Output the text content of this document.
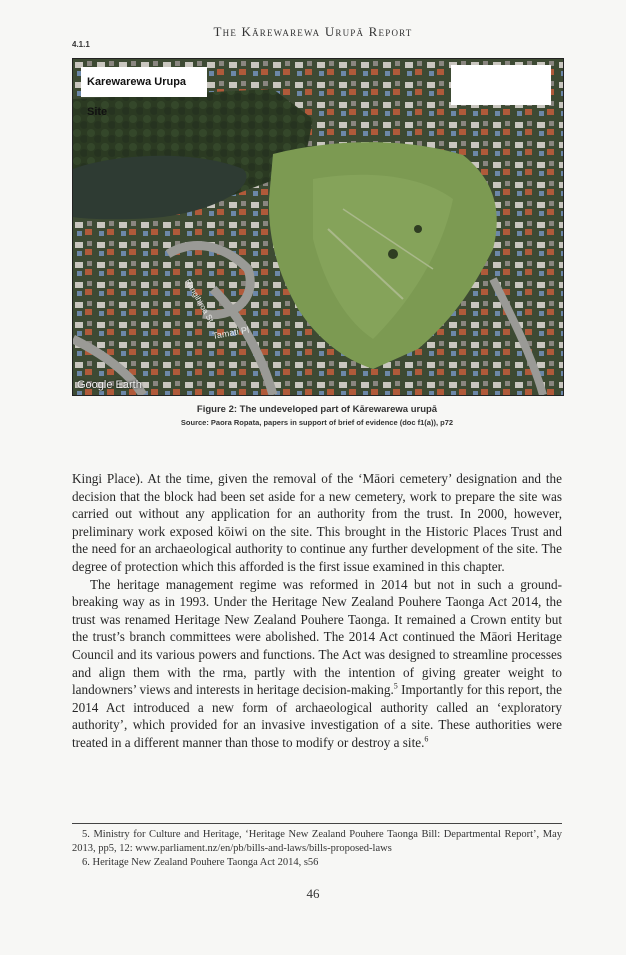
The Kārewarewa Urupā Report
4.1.1
Tamati Pl
Rangihiroa St
Karewarewa Urupa Site
Google Earth
Figure 2: The undeveloped part of Kārewarewa urupā
Source: Paora Ropata, papers in support of brief of evidence (doc f1(a)), p72

Kingi Place). At the time, given the removal of the ‘Māori cemetery’ designation and the decision that the block had been set aside for a new cemetery, work to prepare the site was carried out without any application for an authority from the trust. In 2000, however, preliminary work exposed kōiwi on the site. This brought in the Historic Places Trust and the need for an archaeological authority to continue any further development of the site. The degree of protection which this afforded is the first issue examined in this chapter.

The heritage management regime was reformed in 2014 but not in such a ground-breaking way as in 1993. Under the Heritage New Zealand Pouhere Taonga Act 2014, the trust was renamed Heritage New Zealand Pouhere Taonga. It remained a Crown entity but the trust’s branch committees were abolished. The 2014 Act continued the Māori Heritage Council and its various powers and functions. The Act was designed to streamline processes and align them with the rma, partly with the intention of giving greater weight to landowners’ views and interests in heritage decision-making.$^5$ Importantly for this report, the 2014 Act introduced a new form of archaeological authority called an ‘exploratory authority’, which provided for an invasive investigation of a site. These authorities were treated in a different manner than those to modify or destroy a site.$^6$

5. Ministry for Culture and Heritage, ‘Heritage New Zealand Pouhere Taonga Bill: Departmental Report’, May 2013, pp5, 12: www.parliament.nz/en/pb/bills-and-laws/bills-proposed-laws

6. Heritage New Zealand Pouhere Taonga Act 2014, s56

46
